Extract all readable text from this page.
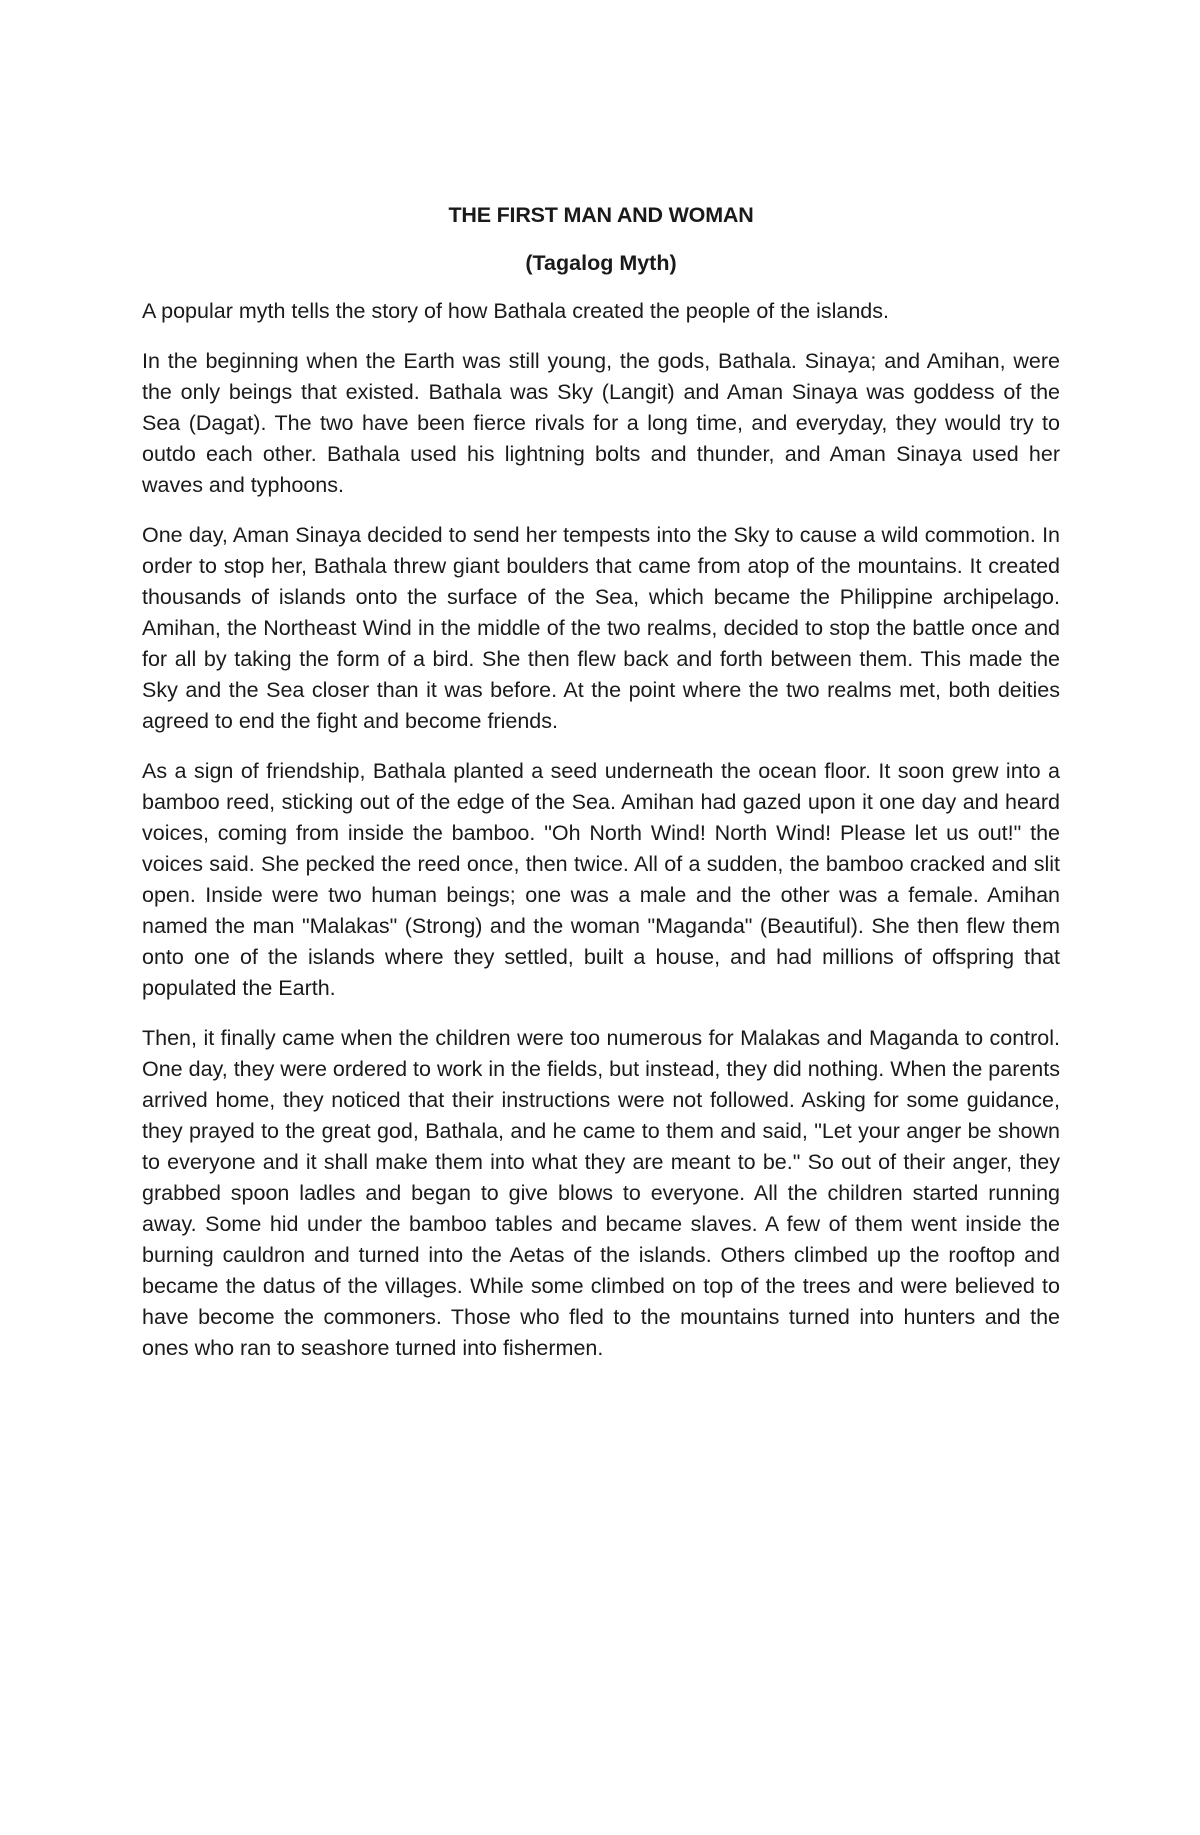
THE FIRST MAN AND WOMAN
(Tagalog Myth)

A popular myth tells the story of how Bathala created the people of the islands.

In the beginning when the Earth was still young, the gods, Bathala. Sinaya; and Amihan, were the only beings that existed. Bathala was Sky (Langit) and Aman Sinaya was goddess of the Sea (Dagat). The two have been fierce rivals for a long time, and everyday, they would try to outdo each other. Bathala used his lightning bolts and thunder, and Aman Sinaya used her waves and typhoons.

One day, Aman Sinaya decided to send her tempests into the Sky to cause a wild commotion. In order to stop her, Bathala threw giant boulders that came from atop of the mountains. It created thousands of islands onto the surface of the Sea, which became the Philippine archipelago. Amihan, the Northeast Wind in the middle of the two realms, decided to stop the battle once and for all by taking the form of a bird. She then flew back and forth between them. This made the Sky and the Sea closer than it was before. At the point where the two realms met, both deities agreed to end the fight and become friends.

As a sign of friendship, Bathala planted a seed underneath the ocean floor. It soon grew into a bamboo reed, sticking out of the edge of the Sea. Amihan had gazed upon it one day and heard voices, coming from inside the bamboo. "Oh North Wind! North Wind! Please let us out!" the voices said. She pecked the reed once, then twice. All of a sudden, the bamboo cracked and slit open. Inside were two human beings; one was a male and the other was a female. Amihan named the man "Malakas" (Strong) and the woman "Maganda" (Beautiful). She then flew them onto one of the islands where they settled, built a house, and had millions of offspring that populated the Earth.

Then, it finally came when the children were too numerous for Malakas and Maganda to control. One day, they were ordered to work in the fields, but instead, they did nothing. When the parents arrived home, they noticed that their instructions were not followed. Asking for some guidance, they prayed to the great god, Bathala, and he came to them and said, "Let your anger be shown to everyone and it shall make them into what they are meant to be." So out of their anger, they grabbed spoon ladles and began to give blows to everyone. All the children started running away. Some hid under the bamboo tables and became slaves. A few of them went inside the burning cauldron and turned into the Aetas of the islands. Others climbed up the rooftop and became the datus of the villages. While some climbed on top of the trees and were believed to have become the commoners. Those who fled to the mountains turned into hunters and the ones who ran to seashore turned into fishermen.
